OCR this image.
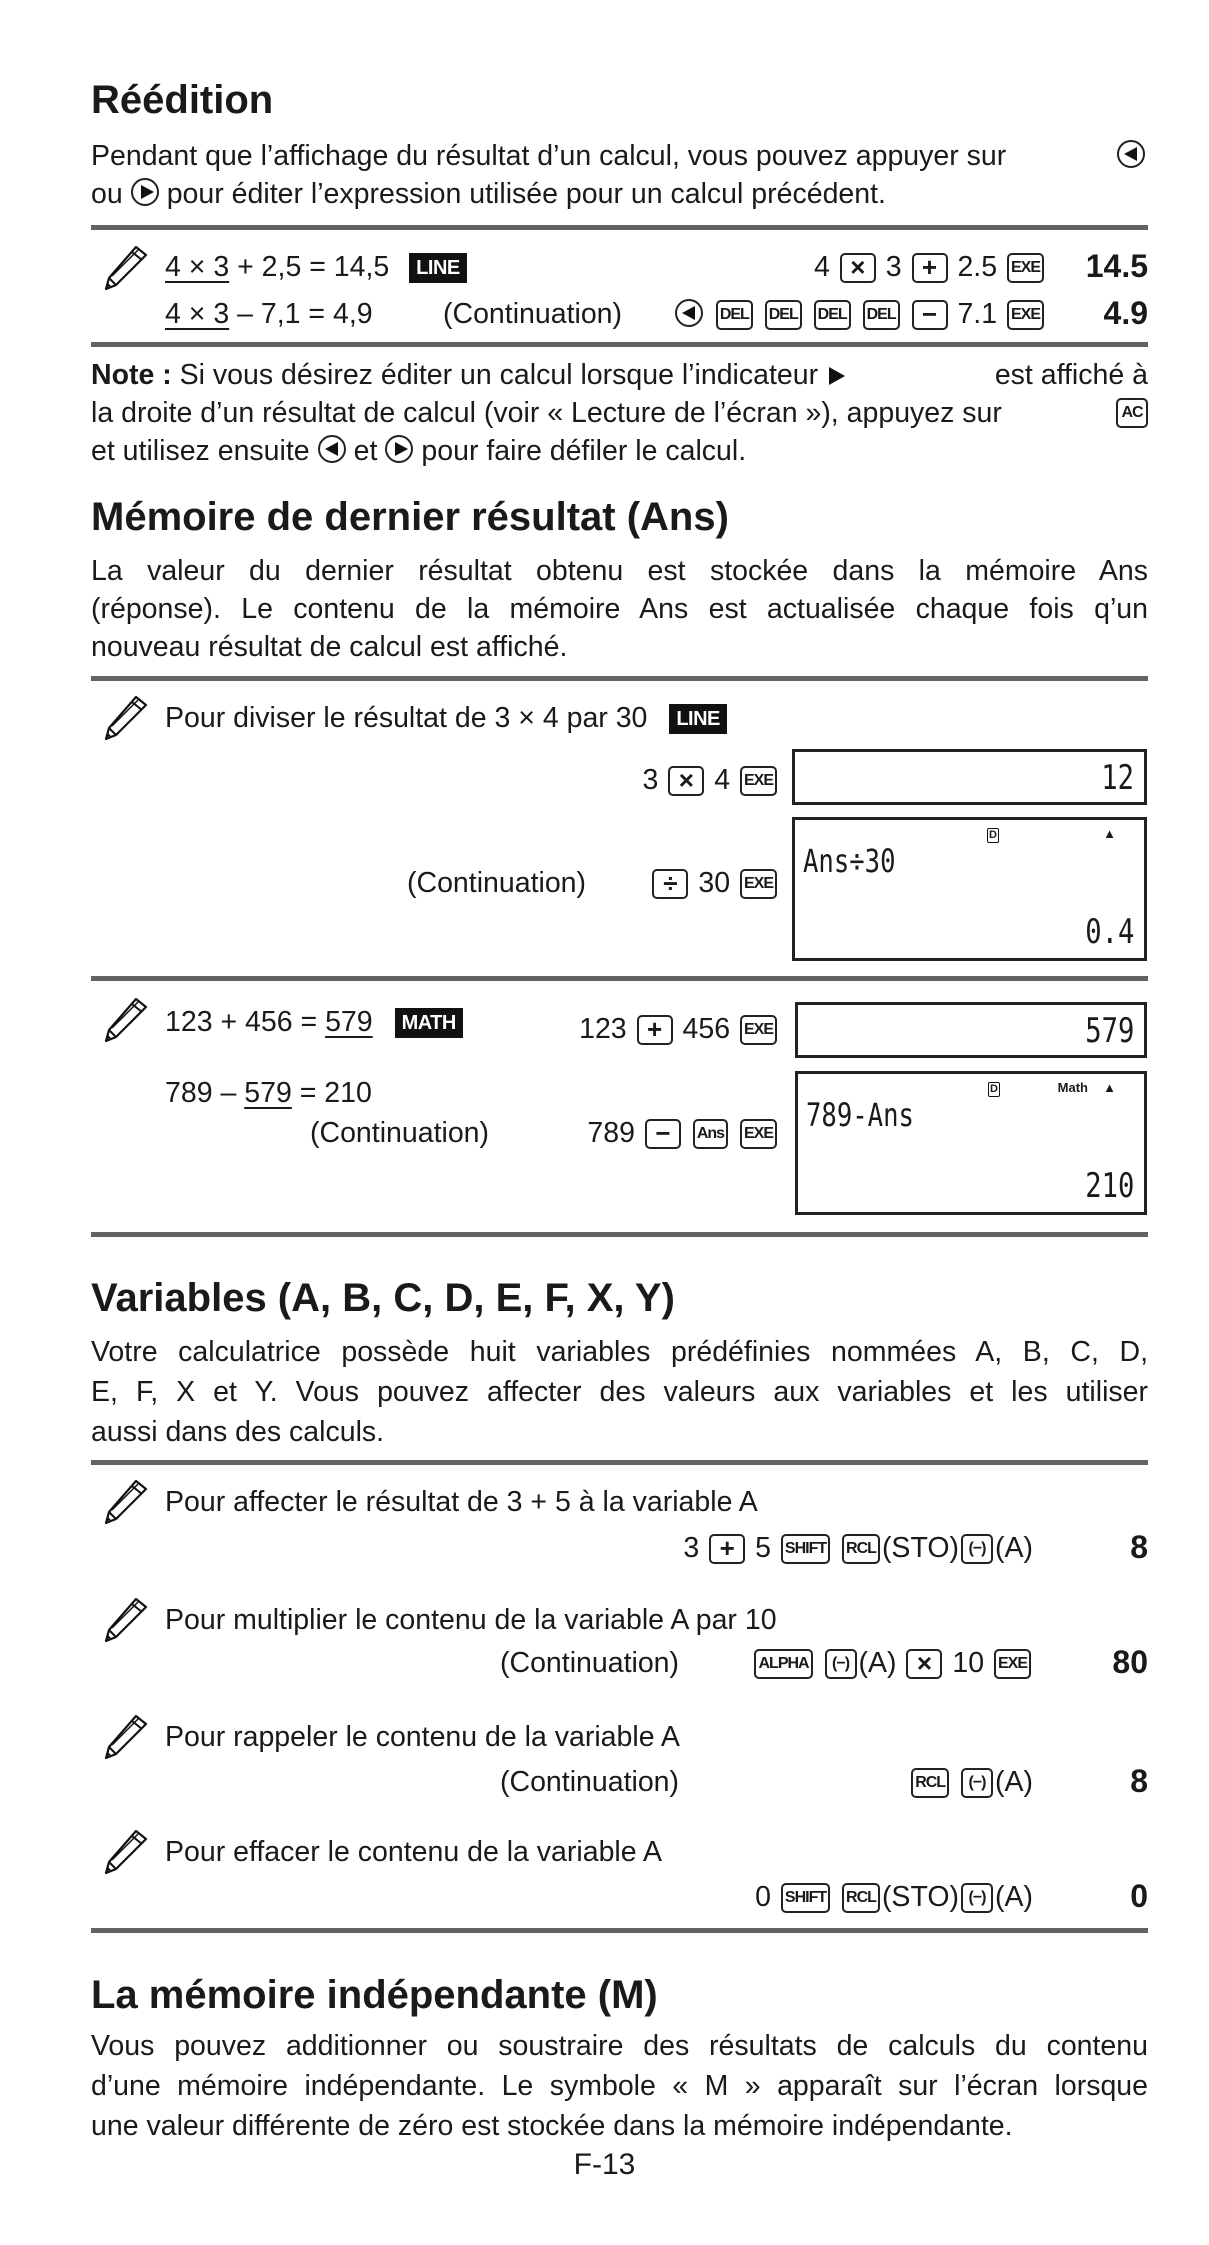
Réédition
Pendant que l’affichage du résultat d’un calcul, vous pouvez appuyer sur
ou pour éditer l’expression utilisée pour un calcul précédent.
4 × 3 + 2,5 = 14,5 LINE	4 × 3 + 2.5 EXE 14.5
4 × 3 – 7,1 = 4,9 (Continuation)	DEL DEL DEL DEL − 7.1 EXE 4.9
Note : Si vous désirez éditer un calcul lorsque l’indicateur	est affiché à
la droite d’un résultat de calcul (voir « Lecture de l’écran »), appuyez sur	AC
et utilisez ensuite et pour faire défiler le calcul.
Mémoire de dernier résultat (Ans)
La valeur du dernier résultat obtenu est stockée dans la mémoire Ans
(réponse). Le contenu de la mémoire Ans est actualisée chaque fois q’un
nouveau résultat de calcul est affiché.
Pour diviser le résultat de 3 × 4 par 30 LINE
3 × 4 EXE	12
(Continuation)	÷ 30 EXE
D	▲
Ans÷30
0.4
123 + 456 = 579 MATH	123 + 456 EXE	579
789 – 579 = 210
(Continuation)	789 − Ans EXE
D	Math ▲
789-Ans
210
Variables (A, B, C, D, E, F, X, Y)
Votre calculatrice possède huit variables prédéfinies nommées A, B, C, D,
E, F, X et Y. Vous pouvez affecter des valeurs aux variables et les utiliser
aussi dans des calculs.
Pour affecter le résultat de 3 + 5 à la variable A
3 + 5 SHIFT RCL (STO) (−) (A)	8
Pour multiplier le contenu de la variable A par 10
(Continuation)	ALPHA (−) (A) × 10 EXE	80
Pour rappeler le contenu de la variable A
(Continuation)	RCL (−) (A)	8
Pour effacer le contenu de la variable A
0 SHIFT RCL (STO) (−) (A)	0
La mémoire indépendante (M)
Vous pouvez additionner ou soustraire des résultats de calculs du contenu
d’une mémoire indépendante. Le symbole « M » apparaît sur l’écran lorsque
une valeur différente de zéro est stockée dans la mémoire indépendante.
F-13
